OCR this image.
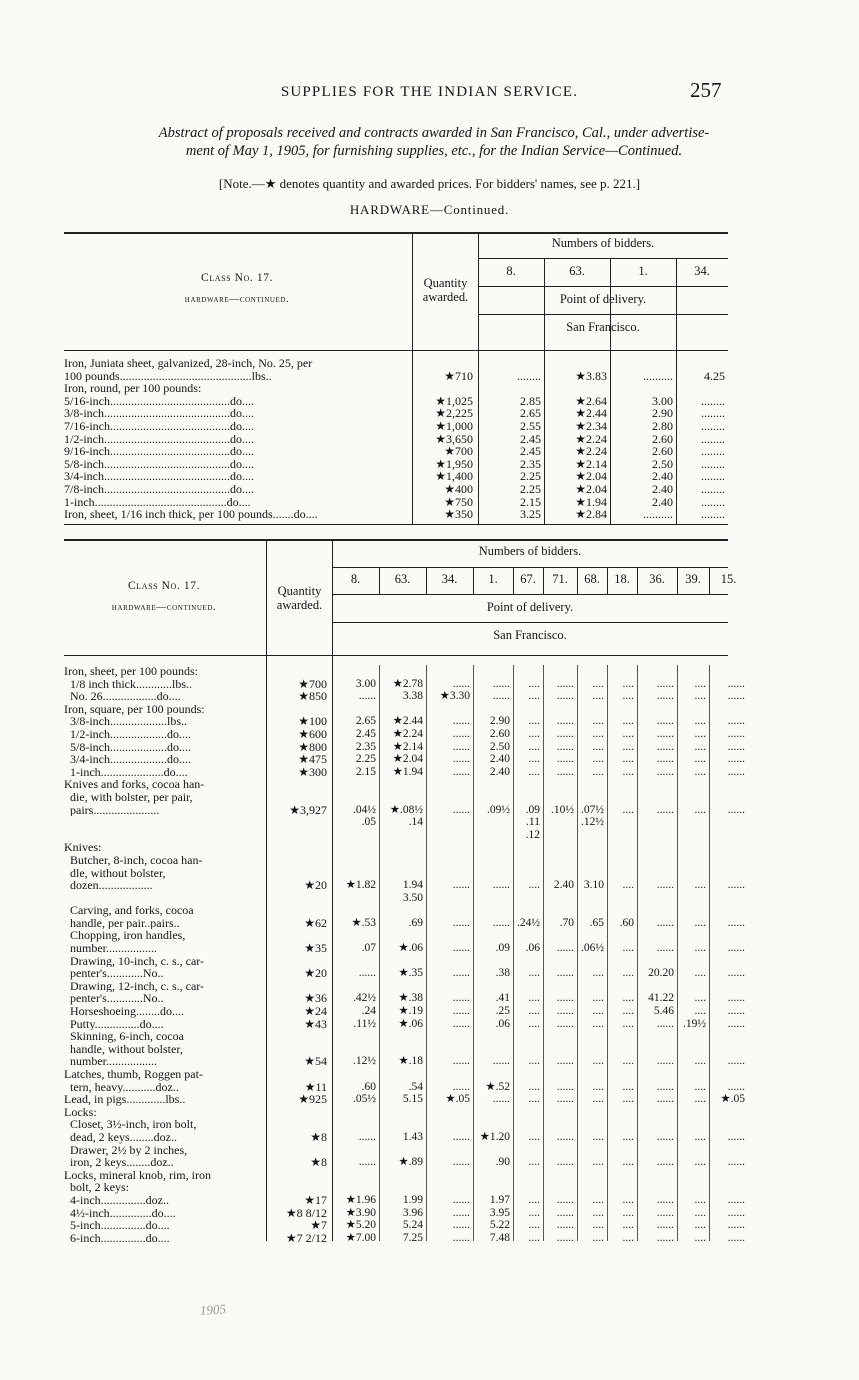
SUPPLIES FOR THE INDIAN SERVICE.	257
Abstract of proposals received and contracts awarded in San Francisco, Cal., under advertise-
ment of May 1, 1905, for furnishing supplies, etc., for the Indian Service—Continued.
[Note.—★ denotes quantity and awarded prices. For bidders' names, see p. 221.]
HARDWARE—Continued.
Class No. 17.
hardware—continued.
Quantity awarded.
Numbers of bidders.
8.	63.	1.	34.
Point of delivery.
San Francisco.
Iron, Juniata sheet, galvanized, 28-inch, No. 25, per					
100 pounds............................................lbs..	★710	........	★3.83	..........	4.25
Iron, round, per 100 pounds:					
5/16-inch........................................do....	★1,025	2.85	★2.64	3.00	........
3/8-inch..........................................do....	★2,225	2.65	★2.44	2.90	........
7/16-inch........................................do....	★1,000	2.55	★2.34	2.80	........
1/2-inch..........................................do....	★3,650	2.45	★2.24	2.60	........
9/16-inch........................................do....	★700	2.45	★2.24	2.60	........
5/8-inch..........................................do....	★1,950	2.35	★2.14	2.50	........
3/4-inch..........................................do....	★1,400	2.25	★2.04	2.40	........
7/8-inch..........................................do....	★400	2.25	★2.04	2.40	........
1-inch............................................do....	★750	2.15	★1.94	2.40	........
Iron, sheet, 1/16 inch thick, per 100 pounds.......do....	★350	3.25	★2.84	..........	........
Class No. 17.
hardware—continued.
Quantity awarded.
Numbers of bidders.
8.	63.	34.	1.	67.	71.	68.	18.	36.	39.	15.
Point of delivery.
San Francisco.
Iron, sheet, per 100 pounds:												
1/8 inch thick............lbs..	★700	3.00	★2.78	......	......	....	......	....	....	......	....	......
No. 26..................do....	★850	......	3.38	★3.30	......	....	......	....	....	......	....	......
Iron, square, per 100 pounds:												
3/8-inch...................lbs..	★100	2.65	★2.44	......	2.90	....	......	....	....	......	....	......
1/2-inch...................do....	★600	2.45	★2.24	......	2.60	....	......	....	....	......	....	......
5/8-inch...................do....	★800	2.35	★2.14	......	2.50	....	......	....	....	......	....	......
3/4-inch...................do....	★475	2.25	★2.04	......	2.40	....	......	....	....	......	....	......
1-inch.....................do....	★300	2.15	★1.94	......	2.40	....	......	....	....	......	....	......
Knives and forks, cocoa han-												
die, with bolster, per pair,												
pairs......................	★3,927	.04½	★.08½	......	.09½	.09	.10½	.07½	....	......	....	......
		.05	.14			.11		.12½				
						.12						
Knives:												
Butcher, 8-inch, cocoa han-												
dle, without bolster,												
dozen..................	★20	★1.82	1.94	......	......	....	2.40	3.10	....	......	....	......
			3.50									
Carving, and forks, cocoa												
handle, per pair..pairs..	★62	★.53	.69	......	......	.24½	.70	.65	.60	......	....	......
Chopping, iron handles,												
number.................	★35	.07	★.06	......	.09	.06	......	.06½	....	......	....	......
Drawing, 10-inch, c. s., car-												
penter's............No..	★20	......	★.35	......	.38	....	......	....	....	20.20	....	......
Drawing, 12-inch, c. s., car-												
penter's............No..	★36	.42½	★.38	......	.41	....	......	....	....	41.22	....	......
Horseshoeing........do....	★24	.24	★.19	......	.25	....	......	....	....	5.46	....	......
Putty...............do....	★43	.11½	★.06	......	.06	....	......	....	....	......	.19½	......
Skinning, 6-inch, cocoa												
handle, without bolster,												
number.................	★54	.12½	★.18	......	......	....	......	....	....	......	....	......
Latches, thumb, Roggen pat-												
tern, heavy...........doz..	★11	.60	.54	......	★.52	....	......	....	....	......	....	......
Lead, in pigs.............lbs..	★925	.05½	5.15	★.05	......	....	......	....	....	......	....	★.05
Locks:												
Closet, 3½-inch, iron bolt,												
dead, 2 keys........doz..	★8	......	1.43	......	★1.20	....	......	....	....	......	....	......
Drawer, 2½ by 2 inches,												
iron, 2 keys........doz..	★8	......	★.89	......	.90	....	......	....	....	......	....	......
Locks, mineral knob, rim, iron												
bolt, 2 keys:												
4-inch...............doz..	★17	★1.96	1.99	......	1.97	....	......	....	....	......	....	......
4½-inch..............do....	★8 8/12	★3.90	3.96	......	3.95	....	......	....	....	......	....	......
5-inch...............do....	★7	★5.20	5.24	......	5.22	....	......	....	....	......	....	......
6-inch...............do....	★7 2/12	★7.00	7.25	......	7.48	....	......	....	....	......	....	......
1905
